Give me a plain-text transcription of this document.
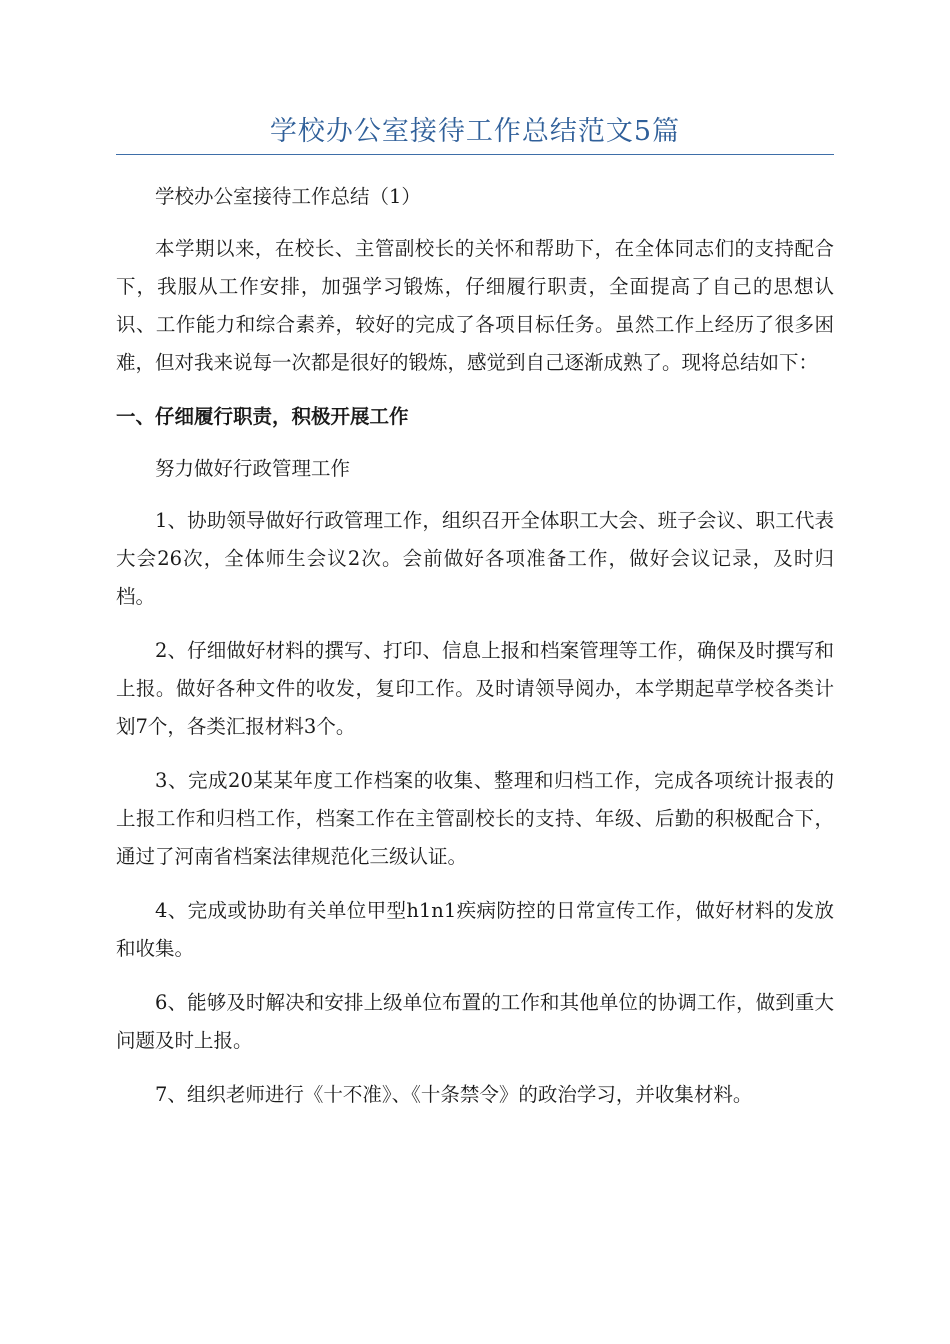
学校办公室接待工作总结范文5篇

学校办公室接待工作总结（1）

本学期以来，在校长、主管副校长的关怀和帮助下，在全体同志们的支持配合下，我服从工作安排，加强学习锻炼，仔细履行职责，全面提高了自己的思想认识、工作能力和综合素养，较好的完成了各项目标任务。虽然工作上经历了很多困难，但对我来说每一次都是很好的锻炼，感觉到自己逐渐成熟了。现将总结如下：

一、仔细履行职责，积极开展工作

努力做好行政管理工作

1、协助领导做好行政管理工作，组织召开全体职工大会、班子会议、职工代表大会26次，全体师生会议2次。会前做好各项准备工作，做好会议记录，及时归档。

2、仔细做好材料的撰写、打印、信息上报和档案管理等工作，确保及时撰写和上报。做好各种文件的收发，复印工作。及时请领导阅办，本学期起草学校各类计划7个，各类汇报材料3个。

3、完成20某某年度工作档案的收集、整理和归档工作，完成各项统计报表的上报工作和归档工作，档案工作在主管副校长的支持、年级、后勤的积极配合下，通过了河南省档案法律规范化三级认证。

4、完成或协助有关单位甲型h1n1疾病防控的日常宣传工作，做好材料的发放和收集。

6、能够及时解决和安排上级单位布置的工作和其他单位的协调工作，做到重大问题及时上报。

7、组织老师进行《十不准》、《十条禁令》的政治学习，并收集材料。
